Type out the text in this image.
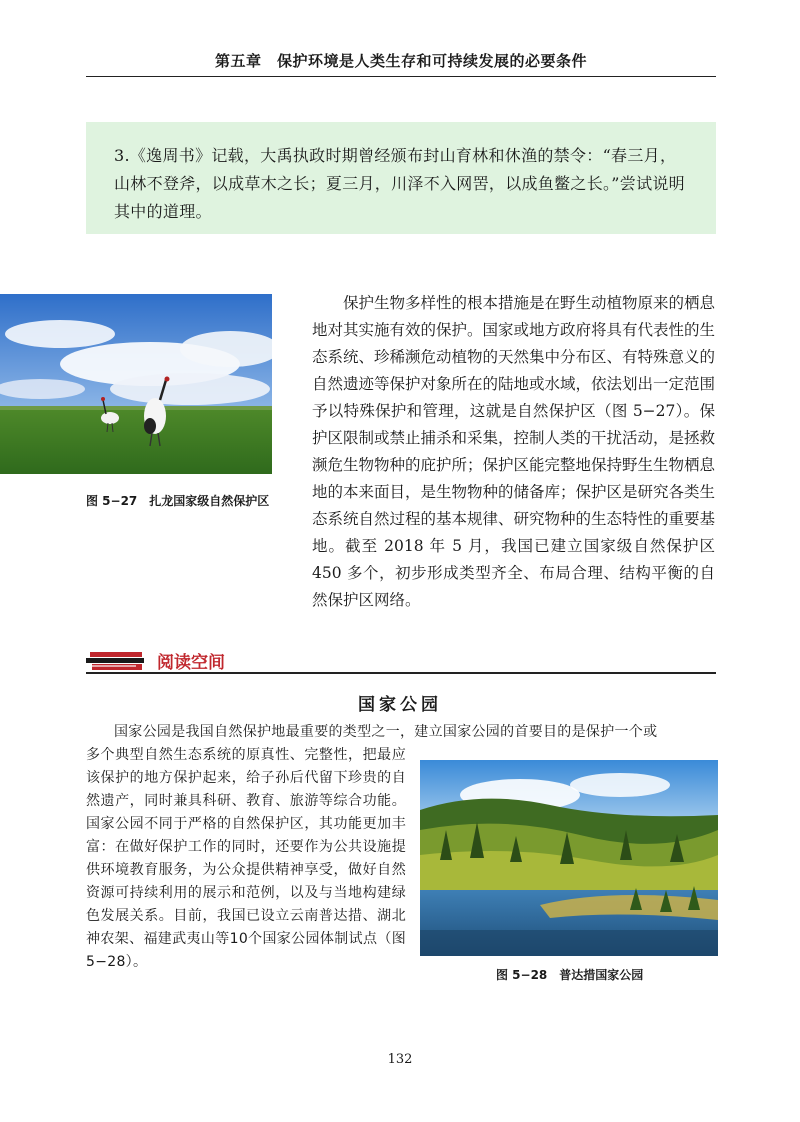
第五章　保护环境是人类生存和可持续发展的必要条件
3.《逸周书》记载，大禹执政时期曾经颁布封山育林和休渔的禁令：“春三月，山林不登斧，以成草木之长；夏三月，川泽不入网罟，以成鱼鳖之长。”尝试说明其中的道理。
图 5−27　扎龙国家级自然保护区

保护生物多样性的根本措施是在野生动植物原来的栖息地对其实施有效的保护。国家或地方政府将具有代表性的生态系统、珍稀濒危动植物的天然集中分布区、有特殊意义的自然遗迹等保护对象所在的陆地或水域，依法划出一定范围予以特殊保护和管理，这就是自然保护区（图 5−27）。保护区限制或禁止捕杀和采集，控制人类的干扰活动，是拯救濒危生物物种的庇护所；保护区能完整地保持野生生物栖息地的本来面目，是生物物种的储备库；保护区是研究各类生态系统自然过程的基本规律、研究物种的生态特性的重要基地。截至 2018 年 5 月，我国已建立国家级自然保护区 450 多个，初步形成类型齐全、布局合理、结构平衡的自然保护区网络。

阅读空间
国家公园

国家公园是我国自然保护地最重要的类型之一，建立国家公园的首要目的是保护一个或

多个典型自然生态系统的原真性、完整性，把最应该保护的地方保护起来，给子孙后代留下珍贵的自然遗产，同时兼具科研、教育、旅游等综合功能。国家公园不同于严格的自然保护区，其功能更加丰富：在做好保护工作的同时，还要作为公共设施提供环境教育服务，为公众提供精神享受，做好自然资源可持续利用的展示和范例，以及与当地构建绿色发展关系。目前，我国已设立云南普达措、湖北神农架、福建武夷山等10个国家公园体制试点（图 5−28）。

图 5−28　普达措国家公园
132
